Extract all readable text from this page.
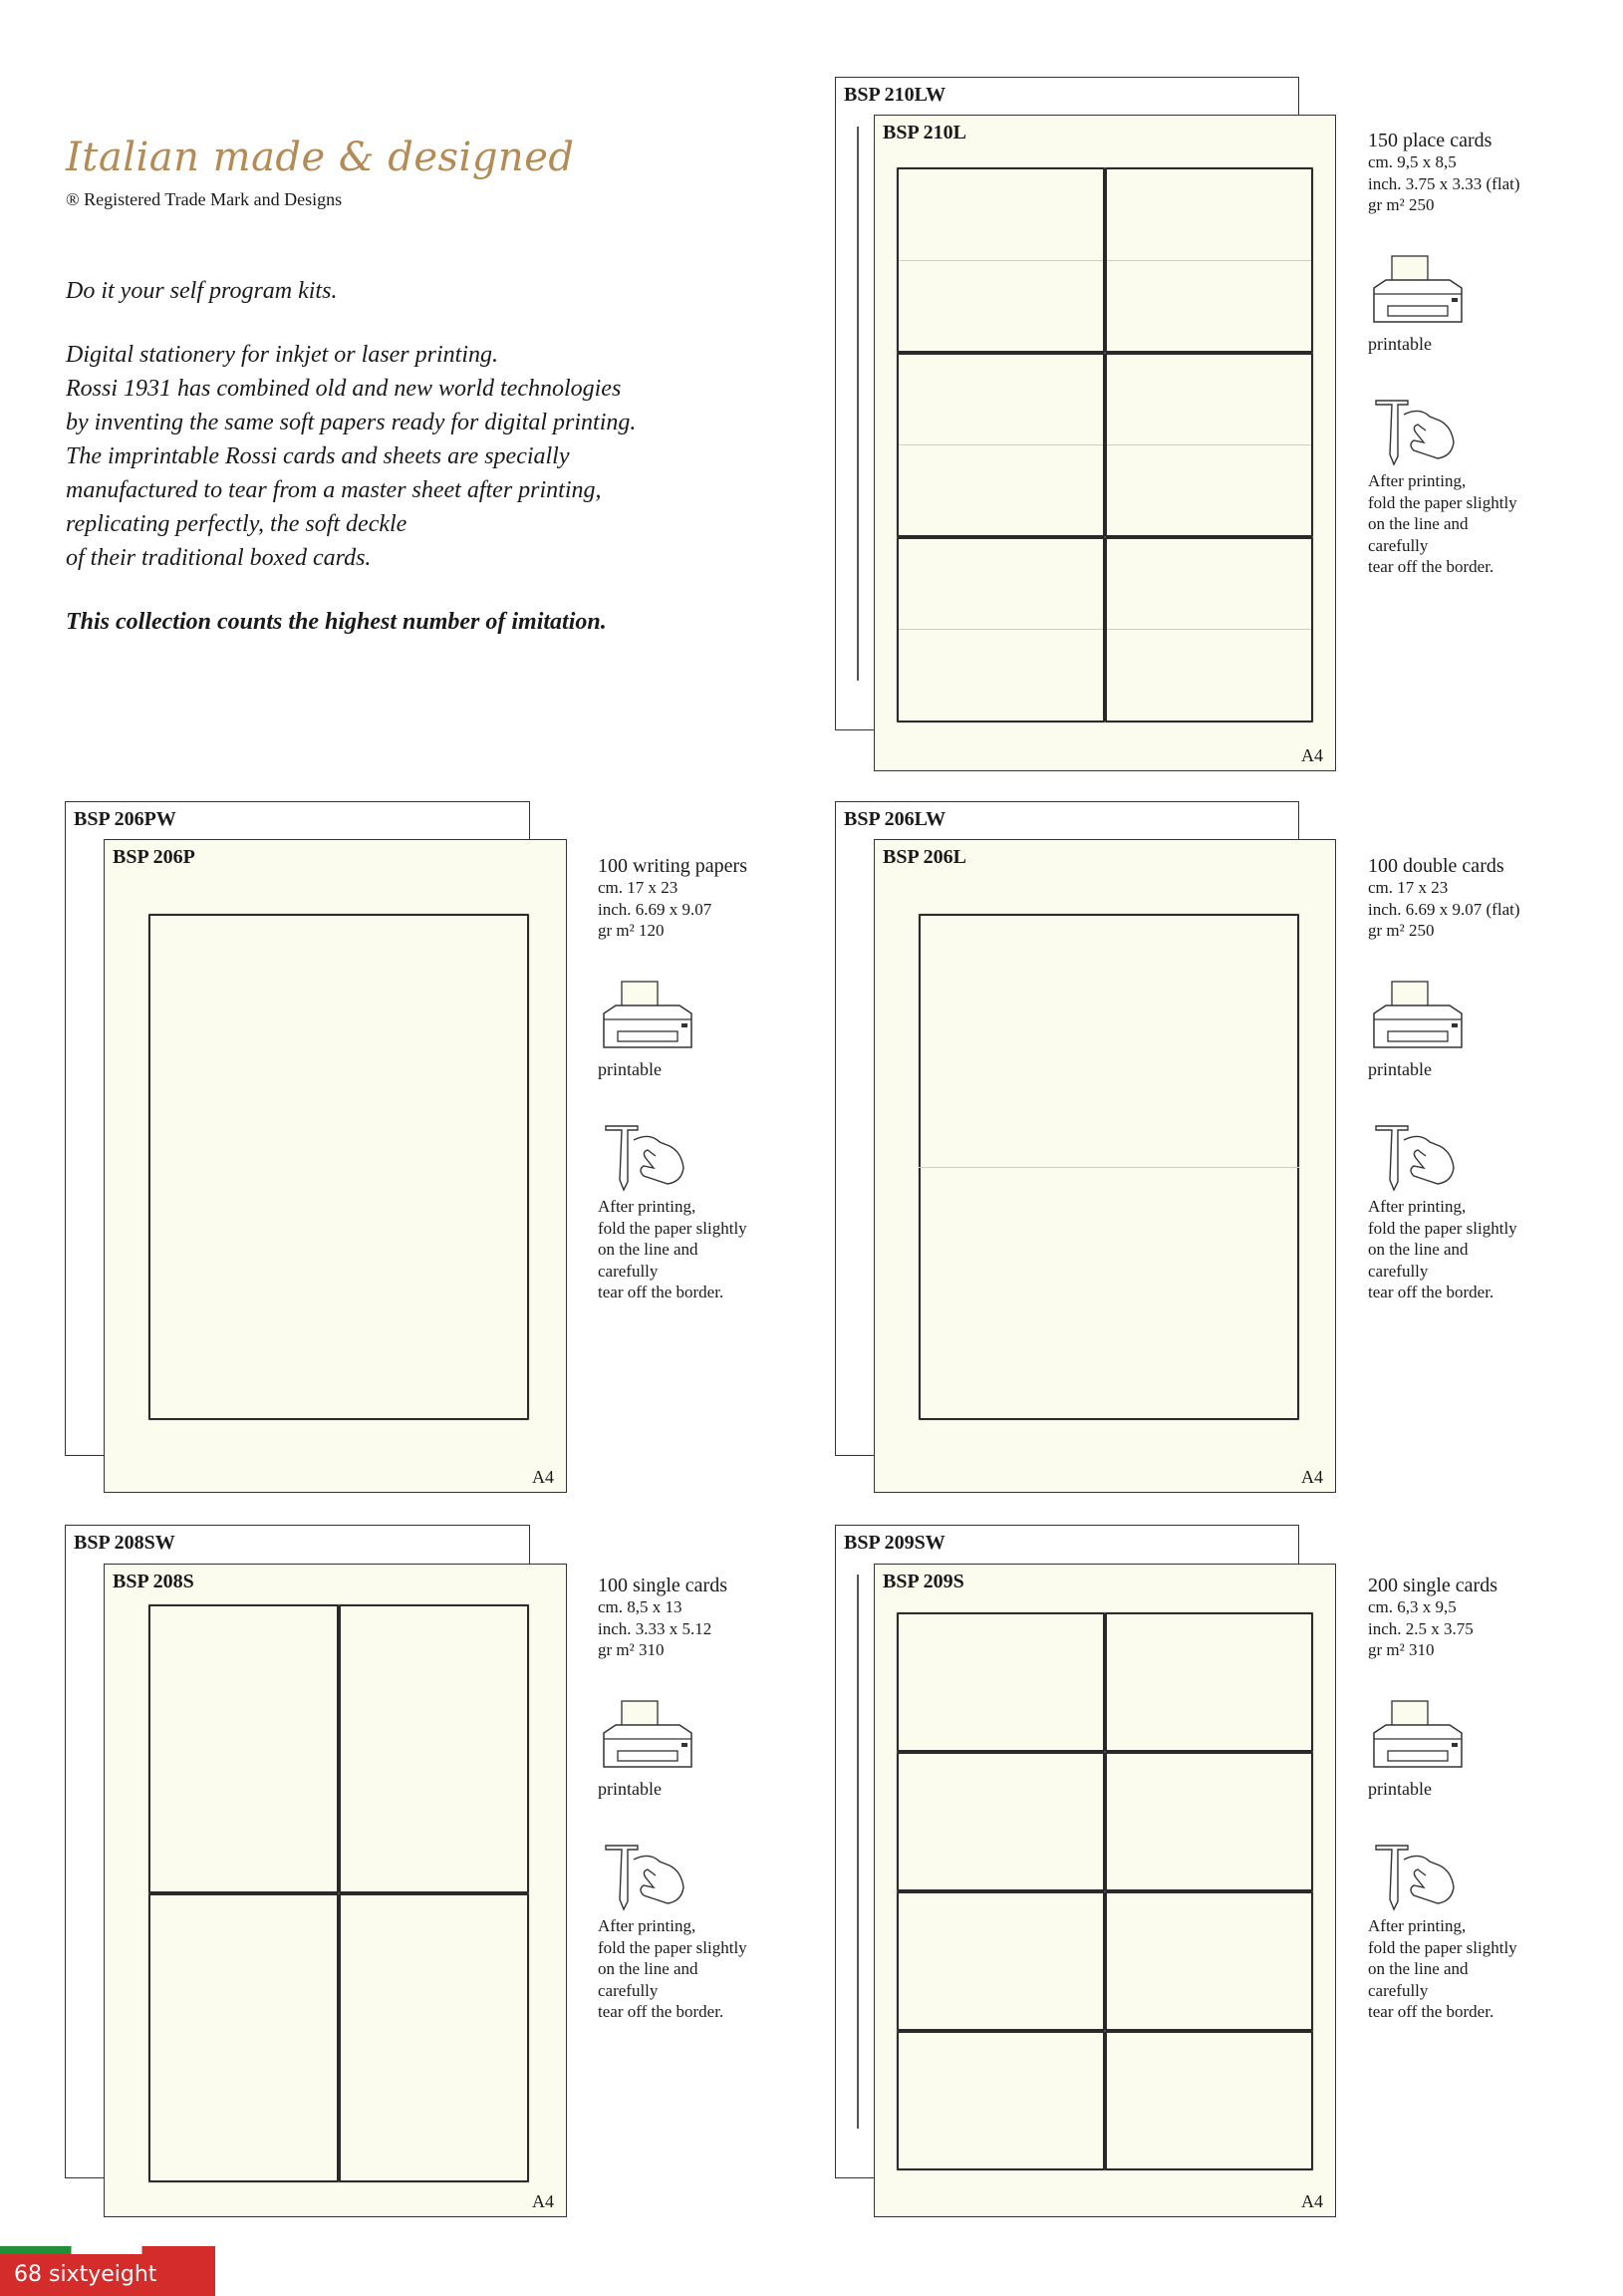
Italian made & designed
® Registered Trade Mark and Designs

Do it your self program kits.

Digital stationery for inkjet or laser printing.
Rossi 1931 has combined old and new world technologies
by inventing the same soft papers ready for digital printing.
The imprintable Rossi cards and sheets are specially
manufactured to tear from a master sheet after printing,
replicating perfectly, the soft deckle
of their traditional boxed cards.

This collection counts the highest number of imitation.

BSP 210LW
BSP 210L
A4
150 place cards
cm. 9,5 x 8,5
inch. 3.75 x 3.33 (flat)
gr m² 250
printable
After printing,
fold the paper slightly
on the line and
carefully
tear off the border.
BSP 206PW
BSP 206P
A4
100 writing papers
cm. 17 x 23
inch. 6.69 x 9.07
gr m² 120
printable
After printing,
fold the paper slightly
on the line and
carefully
tear off the border.
BSP 206LW
BSP 206L
A4
100 double cards
cm. 17 x 23
inch. 6.69 x 9.07 (flat)
gr m² 250
printable
After printing,
fold the paper slightly
on the line and
carefully
tear off the border.
BSP 208SW
BSP 208S
A4
100 single cards
cm. 8,5 x 13
inch. 3.33 x 5.12
gr m² 310
printable
After printing,
fold the paper slightly
on the line and
carefully
tear off the border.
BSP 209SW
BSP 209S
A4
200 single cards
cm. 6,3 x 9,5
inch. 2.5 x 3.75
gr m² 310
printable
After printing,
fold the paper slightly
on the line and
carefully
tear off the border.
68 sixtyeight
